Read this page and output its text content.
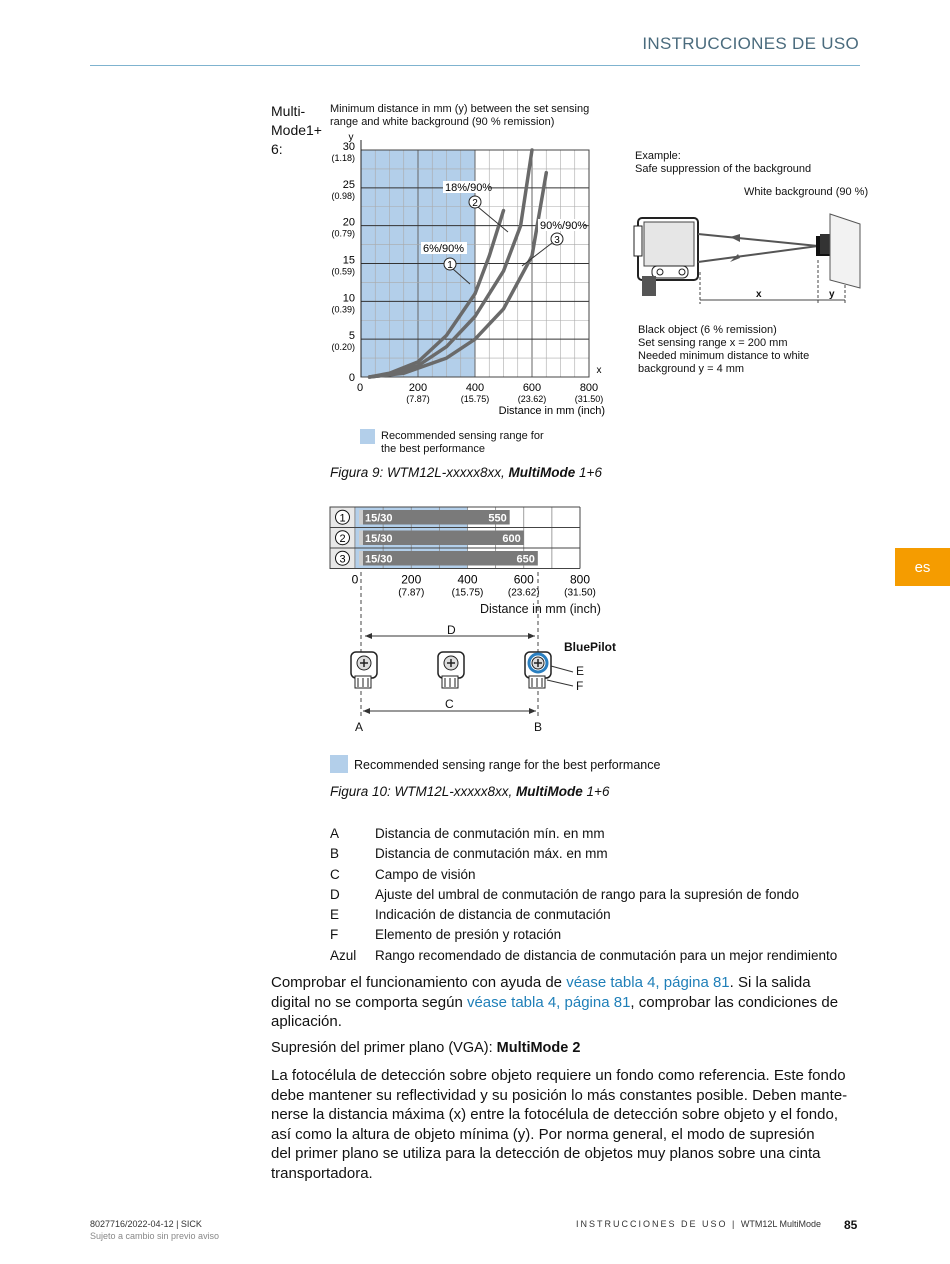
INSTRUCCIONES DE USO
es
Multi-
Mode1+
6:
Minimum distance in mm (y) between the set sensing
range and white background (90 % remission)
30
(1.18)
25
(0.98)
20
(0.79)
15
(0.59)
10
(0.39)
5
(0.20)
0
0	200
(7.87)
400
(15.75)
600
(23.62)
800
(31.50)
x
y
Distance in mm (inch)
6%/90%
1
18%/90%
2
90%/90%
3
Recommended sensing range for
the best performance
Example:
Safe suppression of the background
White background (90 %)
x	y
Black object (6 % remission)
Set sensing range x = 200 mm
Needed minimum distance to white
background y = 4 mm
Figura 9: WTM12L-xxxxx8xx, MultiMode 1+6
1 15/30	550
2 15/30	600
3 15/30	650
0	200
(7.87)
400
(15.75)
600
(23.62)
800
(31.50)
Distance in mm (inch)
D
C
A	B
E
F
BluePilot
Recommended sensing range for the best performance
Figura 10: WTM12L-xxxxx8xx, MultiMode 1+6
A	Distancia de conmutación mín. en mm
B	Distancia de conmutación máx. en mm
C	Campo de visión
D	Ajuste del umbral de conmutación de rango para la supresión de fondo
E	Indicación de distancia de conmutación
F	Elemento de presión y rotación
Azul Rango recomendado de distancia de conmutación para un mejor rendimiento
Comprobar el funcionamiento con ayuda de véase tabla 4, página 81. Si la salida
digital no se comporta según véase tabla 4, página 81, comprobar las condiciones de
aplicación.
Supresión del primer plano (VGA): MultiMode 2
La fotocélula de detección sobre objeto requiere un fondo como referencia. Este fondo
debe mantener su reflectividad y su posición lo más constantes posible. Deben mante-
nerse la distancia máxima (x) entre la fotocélula de detección sobre objeto y el fondo,
así como la altura de objeto mínima (y). Por norma general, el modo de supresión
del primer plano se utiliza para la detección de objetos muy planos sobre una cinta
transportadora.
8027716/2022-04-12 | SICK
Sujeto a cambio sin previo aviso
INSTRUCCIONES DE USO | WTM12L MultiMode 85
